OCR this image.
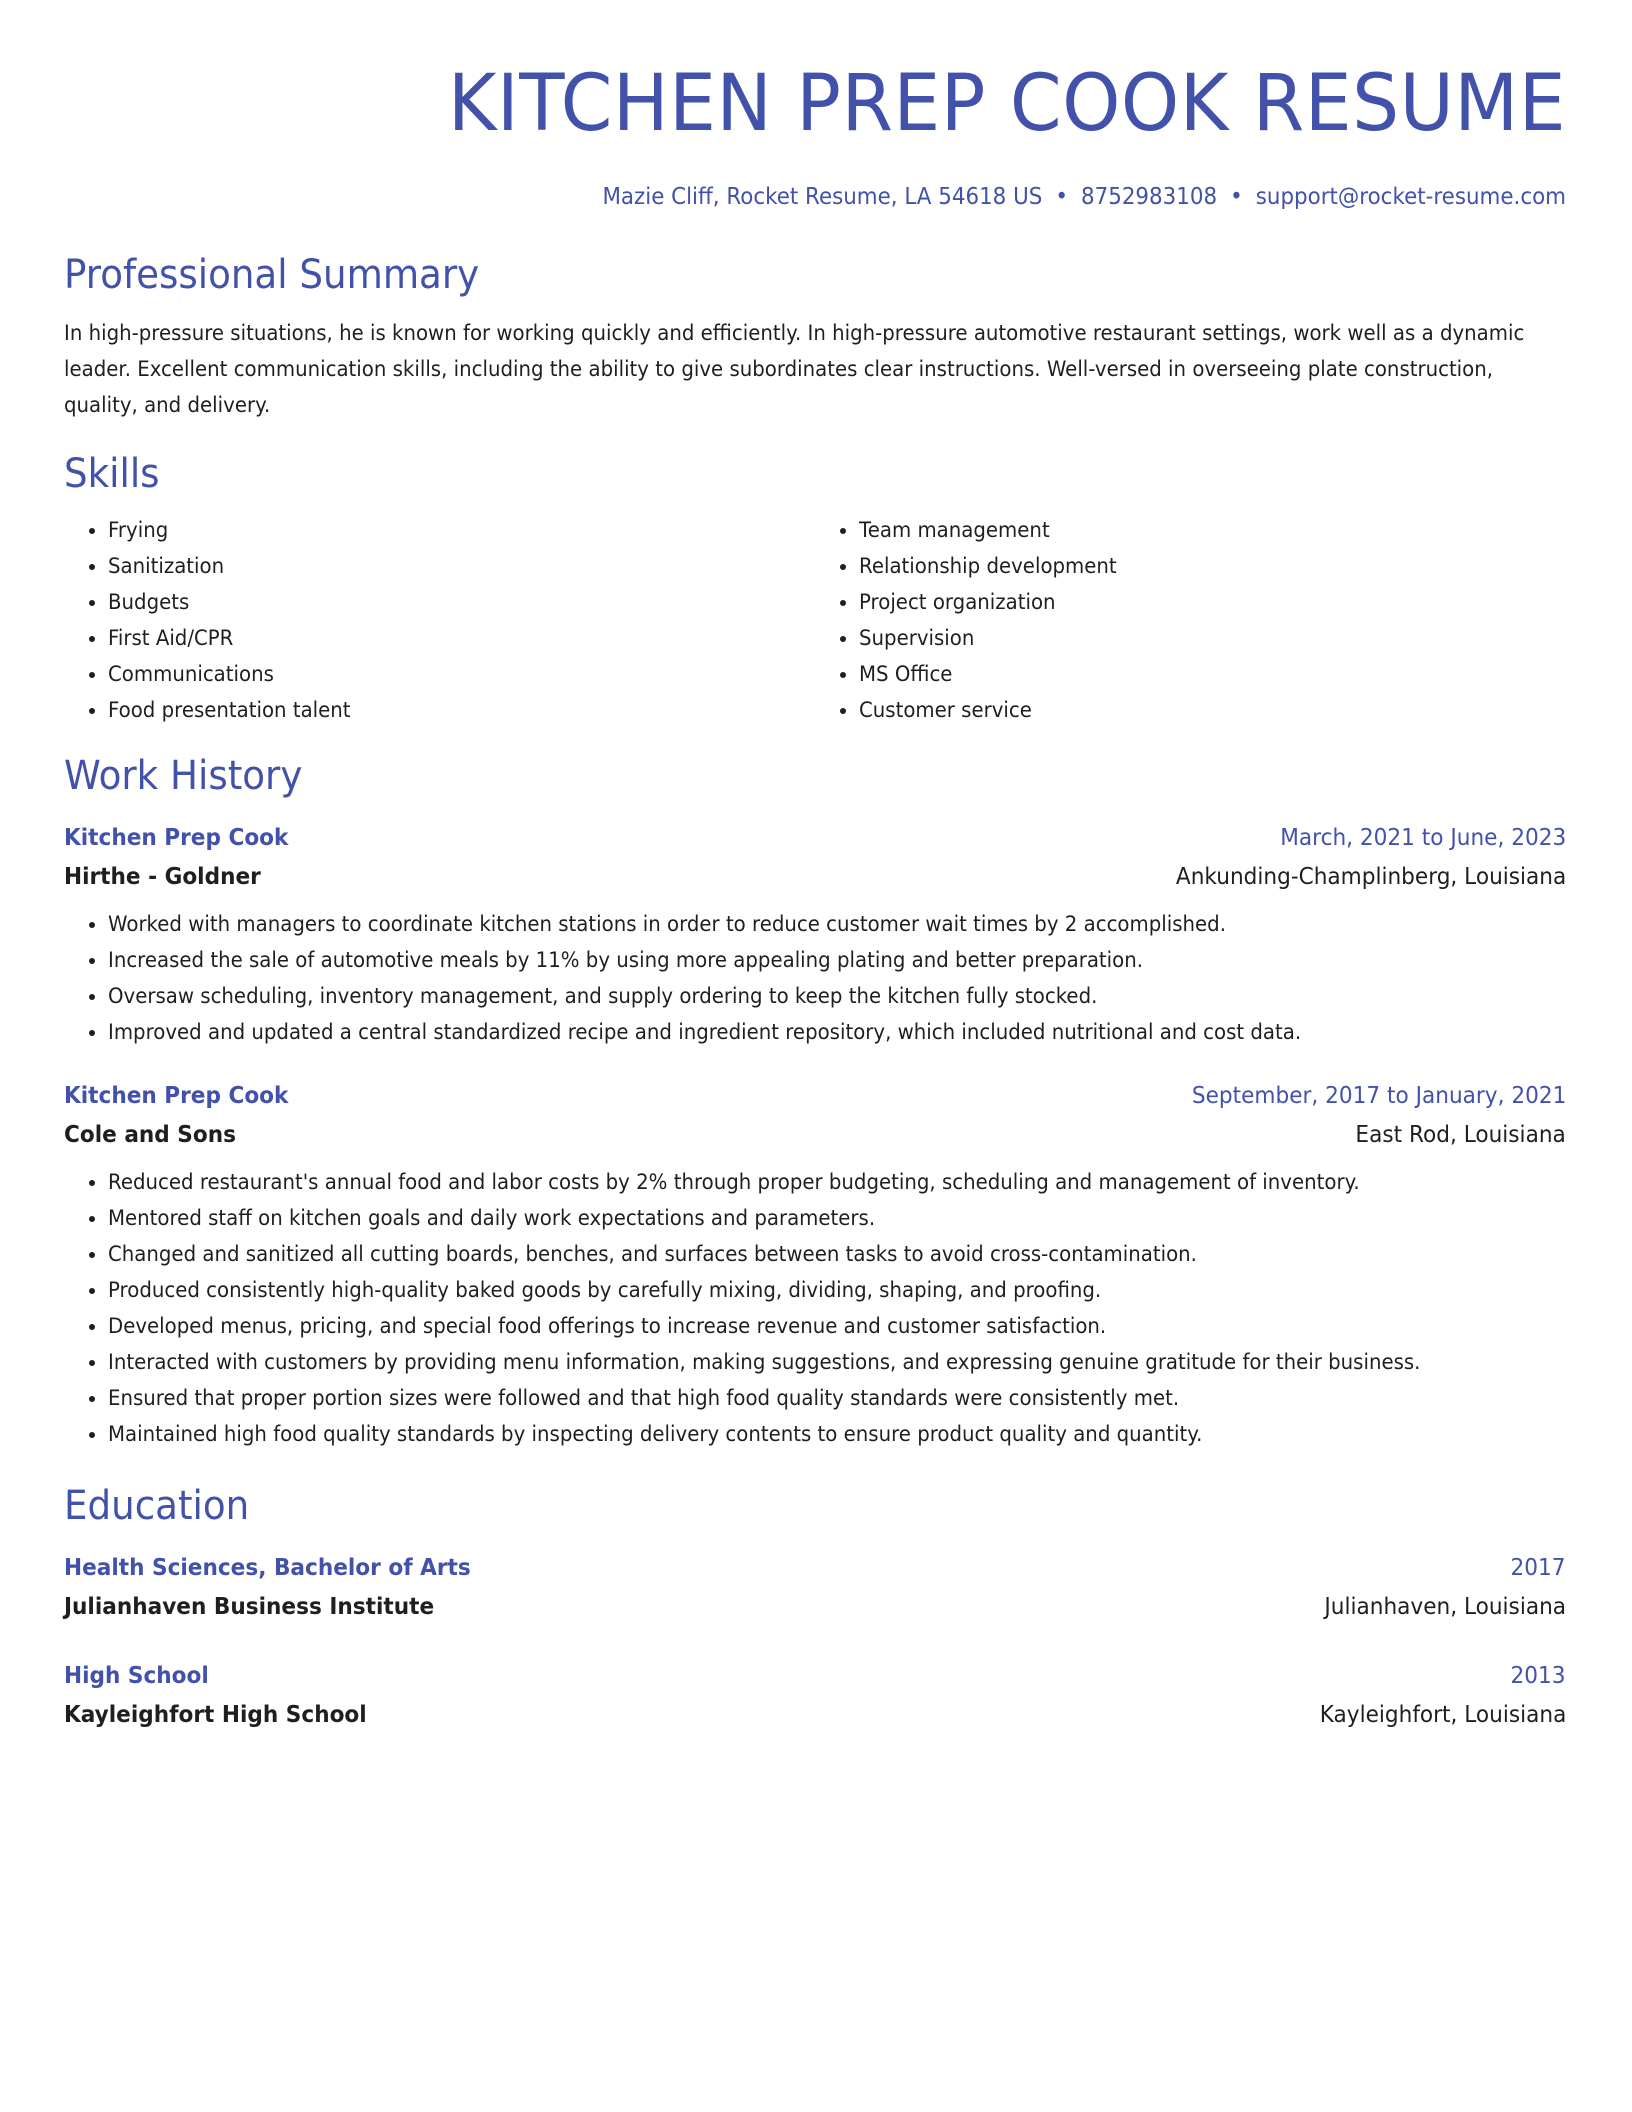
KITCHEN PREP COOK RESUME
Mazie Cliff, Rocket Resume, LA 54618 US • 8752983108 • support@rocket-resume.com
Professional Summary
In high-pressure situations, he is known for working quickly and efficiently. In high-pressure automotive restaurant settings, work well as a dynamic leader. Excellent communication skills, including the ability to give subordinates clear instructions. Well-versed in overseeing plate construction, quality, and delivery.
Skills
• Frying
• Sanitization
• Budgets
• First Aid/CPR
• Communications
• Food presentation talent
• Team management
• Relationship development
• Project organization
• Supervision
• MS Office
• Customer service
Work History
Kitchen Prep Cook	March, 2021 to June, 2023
Hirthe - Goldner	Ankunding-Champlinberg, Louisiana
• Worked with managers to coordinate kitchen stations in order to reduce customer wait times by 2 accomplished.
• Increased the sale of automotive meals by 11% by using more appealing plating and better preparation.
• Oversaw scheduling, inventory management, and supply ordering to keep the kitchen fully stocked.
• Improved and updated a central standardized recipe and ingredient repository, which included nutritional and cost data.
Kitchen Prep Cook	September, 2017 to January, 2021
Cole and Sons	East Rod, Louisiana
• Reduced restaurant's annual food and labor costs by 2% through proper budgeting, scheduling and management of inventory.
• Mentored staff on kitchen goals and daily work expectations and parameters.
• Changed and sanitized all cutting boards, benches, and surfaces between tasks to avoid cross-contamination.
• Produced consistently high-quality baked goods by carefully mixing, dividing, shaping, and proofing.
• Developed menus, pricing, and special food offerings to increase revenue and customer satisfaction.
• Interacted with customers by providing menu information, making suggestions, and expressing genuine gratitude for their business.
• Ensured that proper portion sizes were followed and that high food quality standards were consistently met.
• Maintained high food quality standards by inspecting delivery contents to ensure product quality and quantity.
Education
Health Sciences, Bachelor of Arts	2017
Julianhaven Business Institute	Julianhaven, Louisiana
High School	2013
Kayleighfort High School	Kayleighfort, Louisiana
